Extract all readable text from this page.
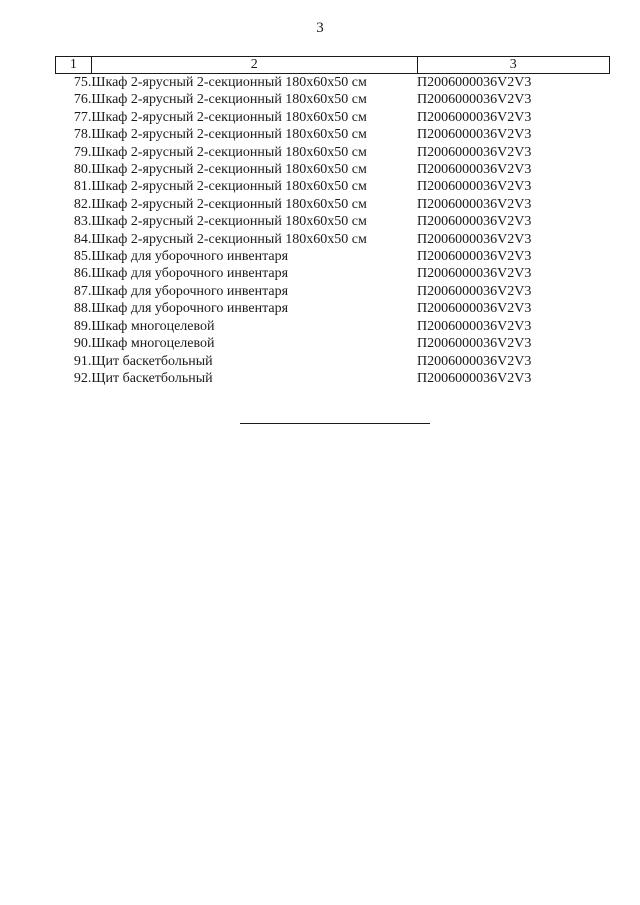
3
1	2	3
75.	Шкаф 2-ярусный 2-секционный 180х60х50 см	П2006000036V2V3
76.	Шкаф 2-ярусный 2-секционный 180х60х50 см	П2006000036V2V3
77.	Шкаф 2-ярусный 2-секционный 180х60х50 см	П2006000036V2V3
78.	Шкаф 2-ярусный 2-секционный 180х60х50 см	П2006000036V2V3
79.	Шкаф 2-ярусный 2-секционный 180х60х50 см	П2006000036V2V3
80.	Шкаф 2-ярусный 2-секционный 180х60х50 см	П2006000036V2V3
81.	Шкаф 2-ярусный 2-секционный 180х60х50 см	П2006000036V2V3
82.	Шкаф 2-ярусный 2-секционный 180х60х50 см	П2006000036V2V3
83.	Шкаф 2-ярусный 2-секционный 180х60х50 см	П2006000036V2V3
84.	Шкаф 2-ярусный 2-секционный 180х60х50 см	П2006000036V2V3
85.	Шкаф для уборочного инвентаря	П2006000036V2V3
86.	Шкаф для уборочного инвентаря	П2006000036V2V3
87.	Шкаф для уборочного инвентаря	П2006000036V2V3
88.	Шкаф для уборочного инвентаря	П2006000036V2V3
89.	Шкаф многоцелевой	П2006000036V2V3
90.	Шкаф многоцелевой	П2006000036V2V3
91.	Щит баскетбольный	П2006000036V2V3
92.	Щит баскетбольный	П2006000036V2V3
